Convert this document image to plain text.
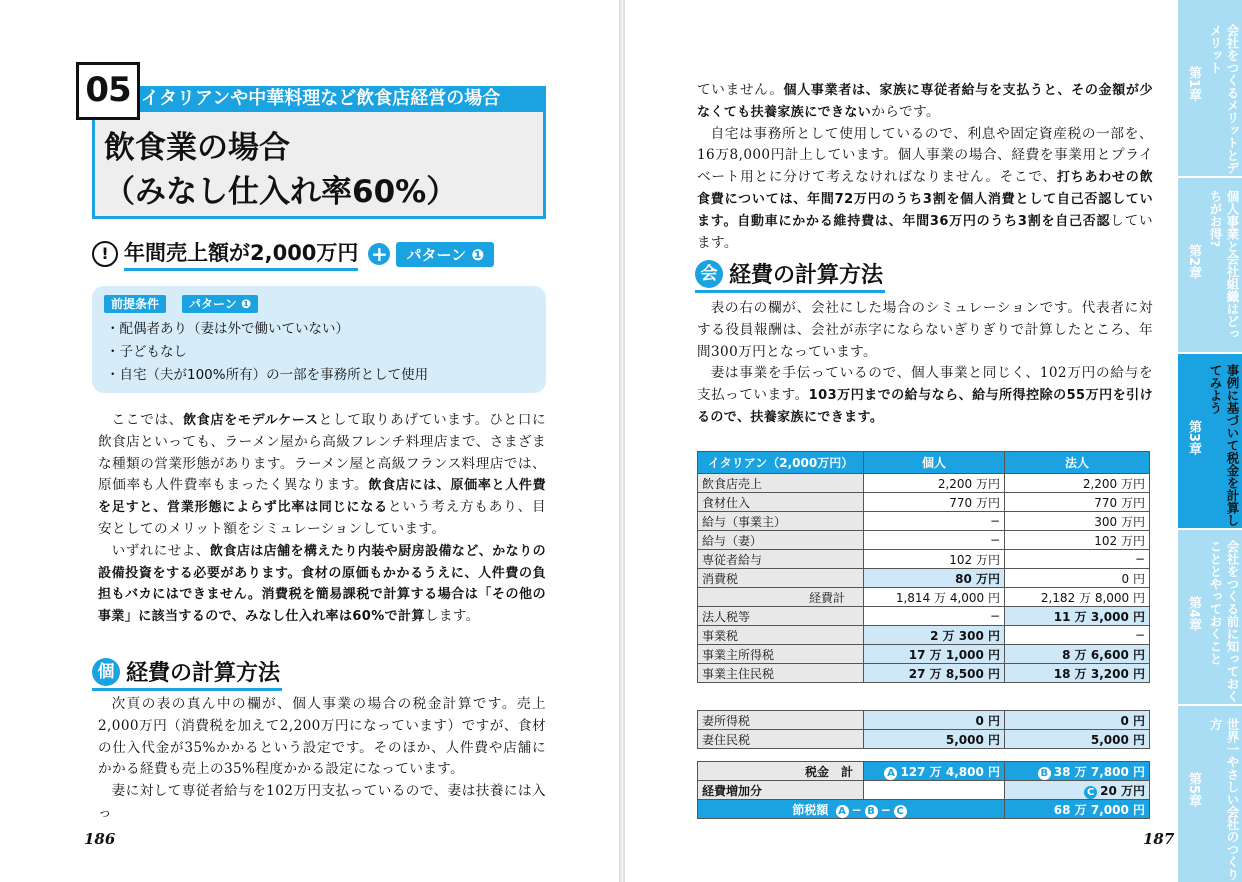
イタリアンや中華料理など飲食店経営の場合
05
飲食業の場合
（みなし仕入れ率60%）
! 年間売上額が2,000万円 +	パターン ❶
前提条件	パターン ❶
・配偶者あり（妻は外で働いていない）
・子どもなし
・自宅（夫が100%所有）の一部を事務所として使用

ここでは、飲食店をモデルケースとして取りあげています。ひと口に飲食店といっても、ラーメン屋から高級フレンチ料理店まで、さまざまな種類の営業形態があります。ラーメン屋と高級フランス料理店では、原価率も人件費率もまったく異なります。飲食店には、原価率と人件費を足すと、営業形態によらず比率は同じになるという考え方もあり、目安としてのメリット額をシミュレーションしています。

いずれにせよ、飲食店は店舗を構えたり内装や厨房設備など、かなりの設備投資をする必要があります。食材の原価もかかるうえに、人件費の負担もバカにはできません。消費税を簡易課税で計算する場合は「その他の事業」に該当するので、みなし仕入れ率は60%で計算します。

個 経費の計算方法

次頁の表の真ん中の欄が、個人事業の場合の税金計算です。売上2,000万円（消費税を加えて2,200万円になっています）ですが、食材の仕入代金が35%かかるという設定です。そのほか、人件費や店舗にかかる経費も売上の35%程度かかる設定になっています。

妻に対して専従者給与を102万円支払っているので、妻は扶養には入っ

186

ていません。個人事業者は、家族に専従者給与を支払うと、その金額が少なくても扶養家族にできないからです。

自宅は事務所として使用しているので、利息や固定資産税の一部を、16万8,000円計上しています。個人事業の場合、経費を事業用とプライベート用とに分けて考えなければなりません。そこで、打ちあわせの飲食費については、年間72万円のうち3割を個人消費として自己否認しています。自動車にかかる維持費は、年間36万円のうち3割を自己否認しています。

会 経費の計算方法

表の右の欄が、会社にした場合のシミュレーションです。代表者に対する役員報酬は、会社が赤字にならないぎりぎりで計算したところ、年間300万円となっています。

妻は事業を手伝っているので、個人事業と同じく、102万円の給与を支払っています。103万円までの給与なら、給与所得控除の55万円を引けるので、扶養家族にできます。

イタリアン（2,000万円）	個人	法人
飲食店売上	2,200 万円	2,200 万円
食材仕入	770 万円	770 万円
給与（事業主）	−	300 万円
給与（妻）	−	102 万円
専従者給与	102 万円	−
消費税	80 万円	0 円
経費計	1,814 万 4,000 円	2,182 万 8,000 円
法人税等	−	11 万 3,000 円
事業税	2 万 300 円	−
事業主所得税	17 万 1,000 円	8 万 6,600 円
事業主住民税	27 万 8,500 円	18 万 3,200 円
妻所得税	0 円	0 円
妻住民税	5,000 円	5,000 円
税金　計	A 127 万 4,800 円	B 38 万 7,800 円
経費増加分		C 20 万円
節税額 A − B − C		68 万 7,000 円
187
第1章	会社をつくるメリットとデメリット
第2章	個人事業と会社組織はどっちがお得?
第3章	事例に基づいて税金を計算してみよう
第4章	会社をつくる前に知っておくこととやっておくこと
第5章	世界一やさしい会社のつくり方
